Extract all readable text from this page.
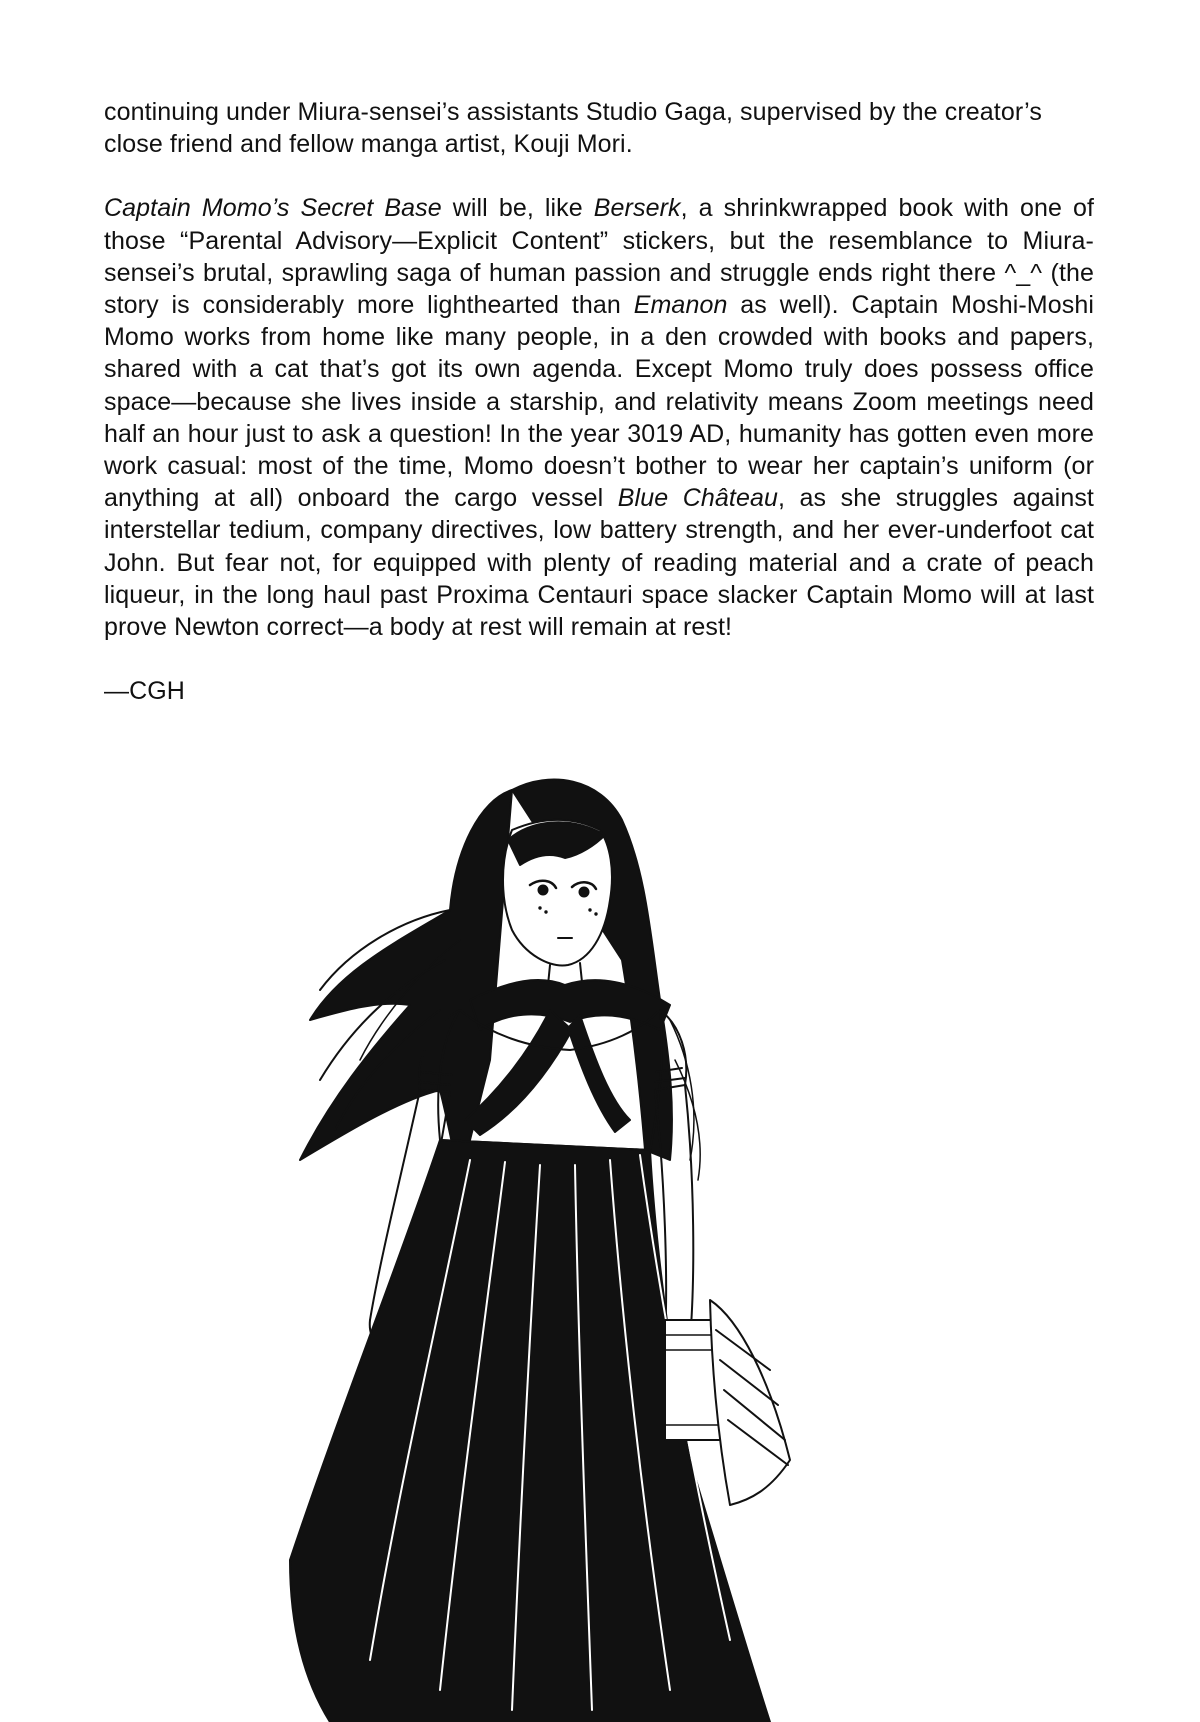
continuing under Miura-sensei’s assistants Studio Gaga, supervised by the creator’s close friend and fellow manga artist, Kouji Mori.

Captain Momo’s Secret Base will be, like Berserk, a shrinkwrapped book with one of those “Parental Advisory—Explicit Content” stickers, but the resemblance to Miura-sensei’s brutal, sprawling saga of human passion and struggle ends right there ^_^ (the story is considerably more lighthearted than Emanon as well). Captain Moshi-Moshi Momo works from home like many people, in a den crowded with books and papers, shared with a cat that’s got its own agenda. Except Momo truly does possess office space—because she lives inside a starship, and relativity means Zoom meetings need half an hour just to ask a question! In the year 3019 AD, humanity has gotten even more work casual: most of the time, Momo doesn’t bother to wear her captain’s uniform (or anything at all) onboard the cargo vessel Blue Château, as she struggles against interstellar tedium, company directives, low battery strength, and her ever-underfoot cat John. But fear not, for equipped with plenty of reading material and a crate of peach liqueur, in the long haul past Proxima Centauri space slacker Captain Momo will at last prove Newton correct—a body at rest will remain at rest!

—CGH
